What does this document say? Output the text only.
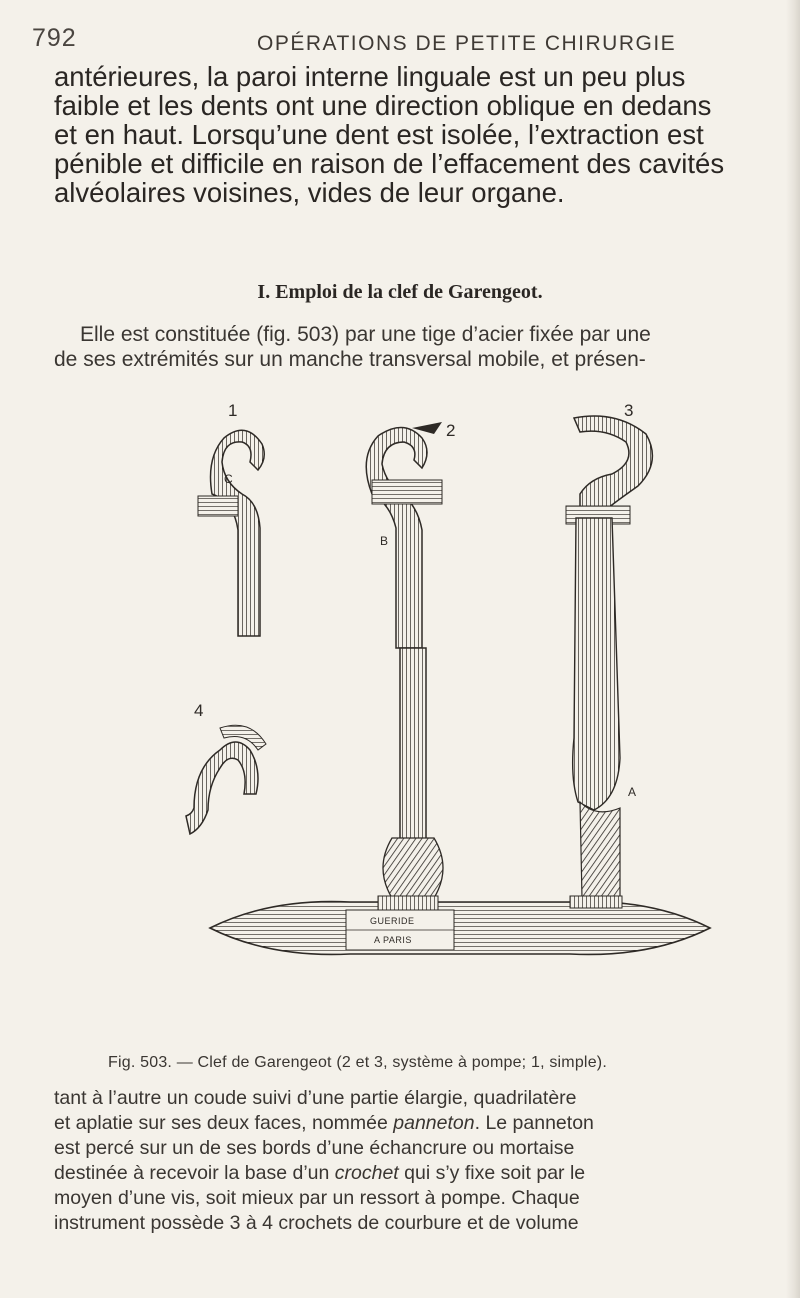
792	OPÉRATIONS DE PETITE CHIRURGIE
antérieures, la paroi interne linguale est un peu plus
faible et les dents ont une direction oblique en dedans
et en haut. Lorsqu’une dent est isolée, l’extraction est
pénible et difficile en raison de l’effacement des cavités
alvéolaires voisines, vides de leur organe.
I. Emploi de la clef de Garengeot.
Elle est constituée (fig. 503) par une tige d’acier fixée par une
de ses extrémités sur un manche transversal mobile, et présen-
1
C
2
B
3
A
4
GUERIDE
A PARIS
Fig. 503. — Clef de Garengeot (2 et 3, système à pompe; 1, simple).
tant à l’autre un coude suivi d’une partie élargie, quadrilatère
et aplatie sur ses deux faces, nommée panneton. Le panneton
est percé sur un de ses bords d’une échancrure ou mortaise
destinée à recevoir la base d’un crochet qui s’y fixe soit par le
moyen d’une vis, soit mieux par un ressort à pompe. Chaque
instrument possède 3 à 4 crochets de courbure et de volume
